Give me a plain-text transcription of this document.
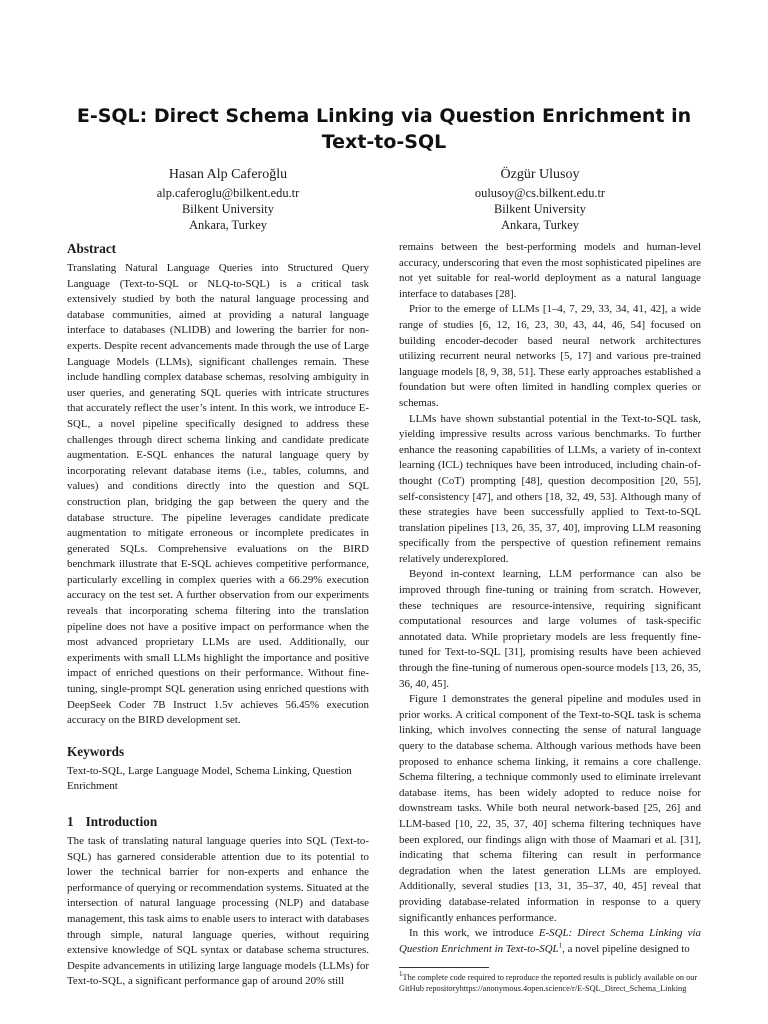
E-SQL: Direct Schema Linking via Question Enrichment in Text-to-SQL
Hasan Alp Caferoğlu
alp.caferoglu@bilkent.edu.tr
Bilkent University
Ankara, Turkey
Özgür Ulusoy
oulusoy@cs.bilkent.edu.tr
Bilkent University
Ankara, Turkey
Abstract

Translating Natural Language Queries into Structured Query Language (Text-to-SQL or NLQ-to-SQL) is a critical task extensively studied by both the natural language processing and database communities, aimed at providing a natural language interface to databases (NLIDB) and lowering the barrier for non-experts. Despite recent advancements made through the use of Large Language Models (LLMs), significant challenges remain. These include handling complex database schemas, resolving ambiguity in user queries, and generating SQL queries with intricate structures that accurately reflect the user’s intent. In this work, we introduce E-SQL, a novel pipeline specifically designed to address these challenges through direct schema linking and candidate predicate augmentation. E-SQL enhances the natural language query by incorporating relevant database items (i.e., tables, columns, and values) and conditions directly into the question and SQL construction plan, bridging the gap between the query and the database structure. The pipeline leverages candidate predicate augmentation to mitigate erroneous or incomplete predicates in generated SQLs. Comprehensive evaluations on the BIRD benchmark illustrate that E-SQL achieves competitive performance, particularly excelling in complex queries with a 66.29% execution accuracy on the test set. A further observation from our experiments reveals that incorporating schema filtering into the translation pipeline does not have a positive impact on performance when the most advanced proprietary LLMs are used. Additionally, our experiments with small LLMs highlight the importance and positive impact of enriched questions on their performance. Without fine-tuning, single-prompt SQL generation using enriched questions with DeepSeek Coder 7B Instruct 1.5v achieves 56.45% execution accuracy on the BIRD development set.

Keywords

Text-to-SQL, Large Language Model, Schema Linking, Question Enrichment

1 Introduction

The task of translating natural language queries into SQL (Text-to-SQL) has garnered considerable attention due to its potential to lower the technical barrier for non-experts and enhance the performance of querying or recommendation systems. Situated at the intersection of natural language processing (NLP) and database management, this task aims to enable users to interact with databases through simple, natural language queries, without requiring extensive knowledge of SQL syntax or database schema structures. Despite advancements in utilizing large language models (LLMs) for Text-to-SQL, a significant performance gap of around 20% still

remains between the best-performing models and human-level accuracy, underscoring that even the most sophisticated pipelines are not yet suitable for real-world deployment as a natural language interface to databases [28].

Prior to the emerge of LLMs [1–4, 7, 29, 33, 34, 41, 42], a wide range of studies [6, 12, 16, 23, 30, 43, 44, 46, 54] focused on building encoder-decoder based neural network architectures utilizing recurrent neural networks [5, 17] and various pre-trained language models [8, 9, 38, 51]. These early approaches established a foundation but were often limited in handling complex queries or schemas.

LLMs have shown substantial potential in the Text-to-SQL task, yielding impressive results across various benchmarks. To further enhance the reasoning capabilities of LLMs, a variety of in-context learning (ICL) techniques have been introduced, including chain-of-thought (CoT) prompting [48], question decomposition [20, 55], self-consistency [47], and others [18, 32, 49, 53]. Although many of these strategies have been successfully applied to Text-to-SQL translation pipelines [13, 26, 35, 37, 40], improving LLM reasoning specifically from the perspective of question refinement remains relatively underexplored.

Beyond in-context learning, LLM performance can also be improved through fine-tuning or training from scratch. However, these techniques are resource-intensive, requiring significant computational resources and large volumes of task-specific annotated data. While proprietary models are less frequently fine-tuned for Text-to-SQL [31], promising results have been achieved through the fine-tuning of numerous open-source models [13, 26, 35, 36, 40, 45].

Figure 1 demonstrates the general pipeline and modules used in prior works. A critical component of the Text-to-SQL task is schema linking, which involves connecting the sense of natural language query to the database schema. Although various methods have been proposed to enhance schema linking, it remains a core challenge. Schema filtering, a technique commonly used to eliminate irrelevant database items, has been widely adopted to reduce noise for downstream tasks. While both neural network-based [25, 26] and LLM-based [10, 22, 35, 37, 40] schema filtering techniques have been explored, our findings align with those of Maamari et al. [31], indicating that schema filtering can result in performance degradation when the latest generation LLMs are employed. Additionally, several studies [13, 31, 35–37, 40, 45] reveal that providing database-related information in response to a query significantly enhances performance.

In this work, we introduce E-SQL: Direct Schema Linking via Question Enrichment in Text-to-SQL$^1$, a novel pipeline designed to

$^1$The complete code required to reproduce the reported results is publicly available on our GitHub repositoryhttps://anonymous.4open.science/r/E-SQL_Direct_Schema_Linking
